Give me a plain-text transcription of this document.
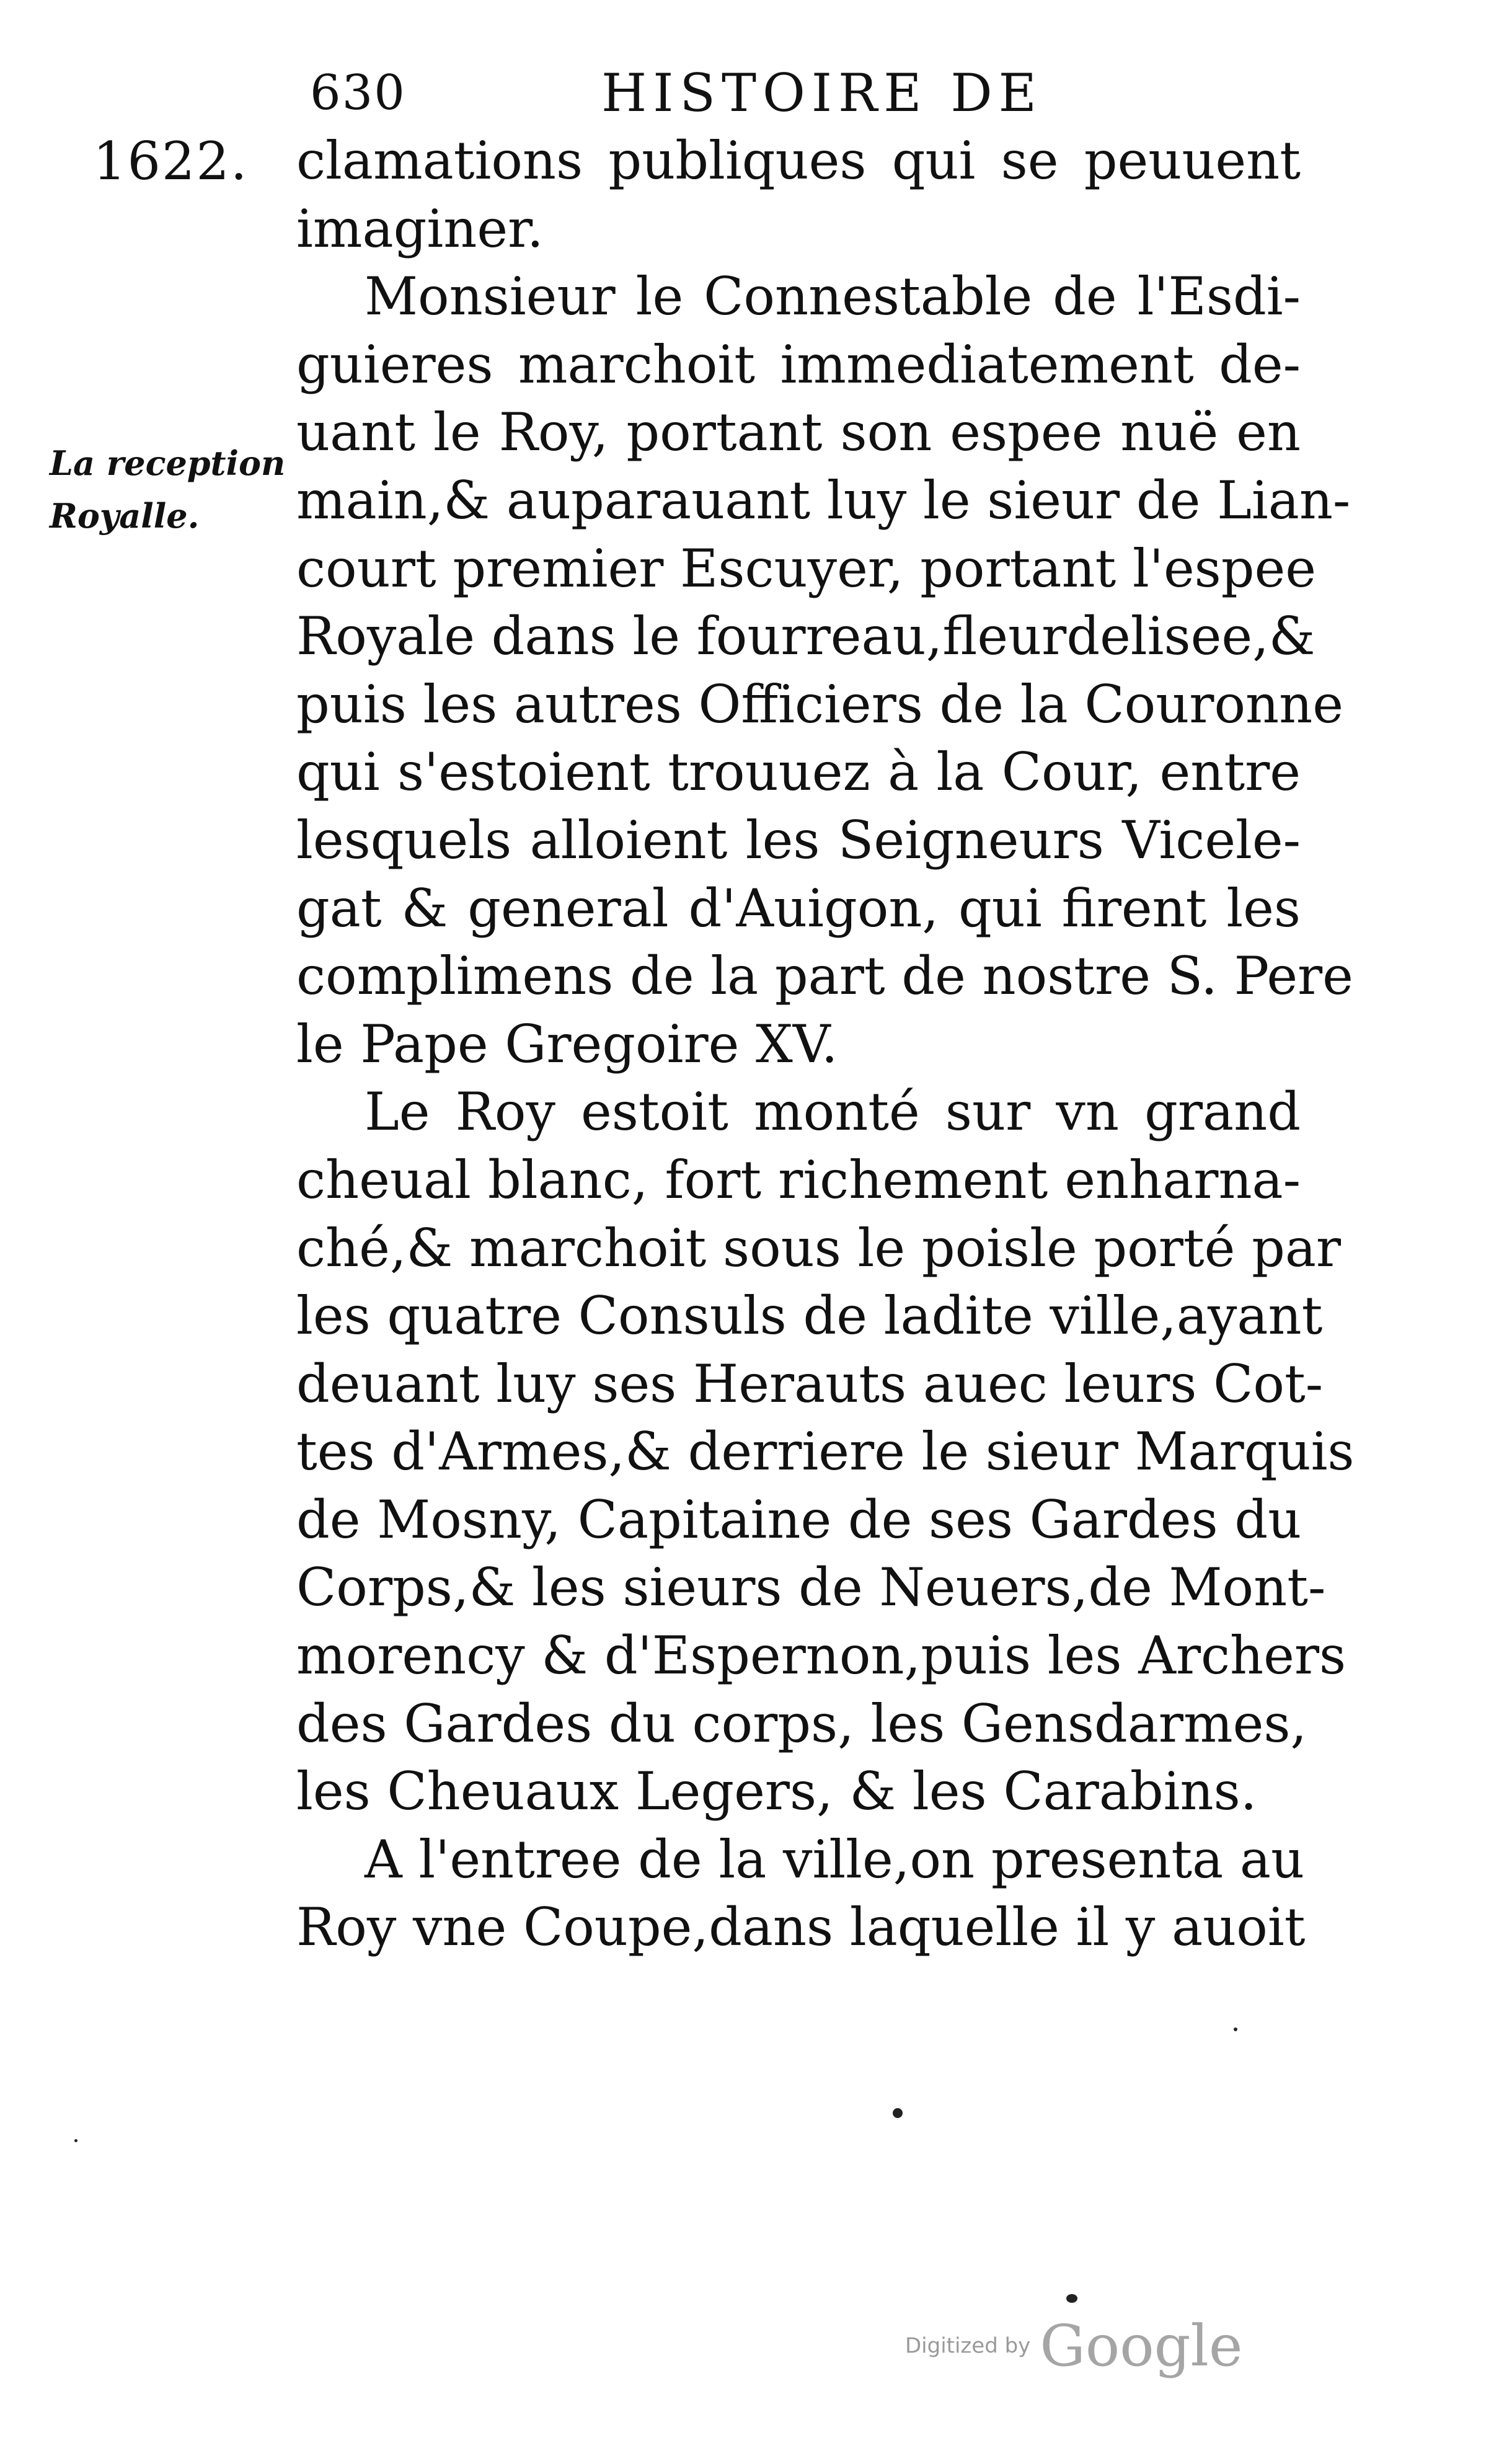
630	HISTOIRE DE
1622.
La reception
Royalle.
clamations publiques qui se peuuent
imaginer.
Monsieur le Connestable de l'Esdi-
guieres marchoit immediatement de-
uant le Roy, portant son espee nuë en
main,& auparauant luy le sieur de Lian-
court premier Escuyer, portant l'espee
Royale dans le fourreau,fleurdelisee,&
puis les autres Officiers de la Couronne
qui s'estoient trouuez à la Cour, entre
lesquels alloient les Seigneurs Vicele-
gat & general d'Auigon, qui firent les
complimens de la part de nostre S. Pere
le Pape Gregoire XV.
Le Roy estoit monté sur vn grand
cheual blanc, fort richement enharna-
ché,& marchoit sous le poisle porté par
les quatre Consuls de ladite ville,ayant
deuant luy ses Herauts auec leurs Cot-
tes d'Armes,& derriere le sieur Marquis
de Mosny, Capitaine de ses Gardes du
Corps,& les sieurs de Neuers,de Mont-
morency & d'Espernon,puis les Archers
des Gardes du corps, les Gensdarmes,
les Cheuaux Legers, & les Carabins.
A l'entree de la ville,on presenta au
Roy vne Coupe,dans laquelle il y auoit
Digitized by Google
